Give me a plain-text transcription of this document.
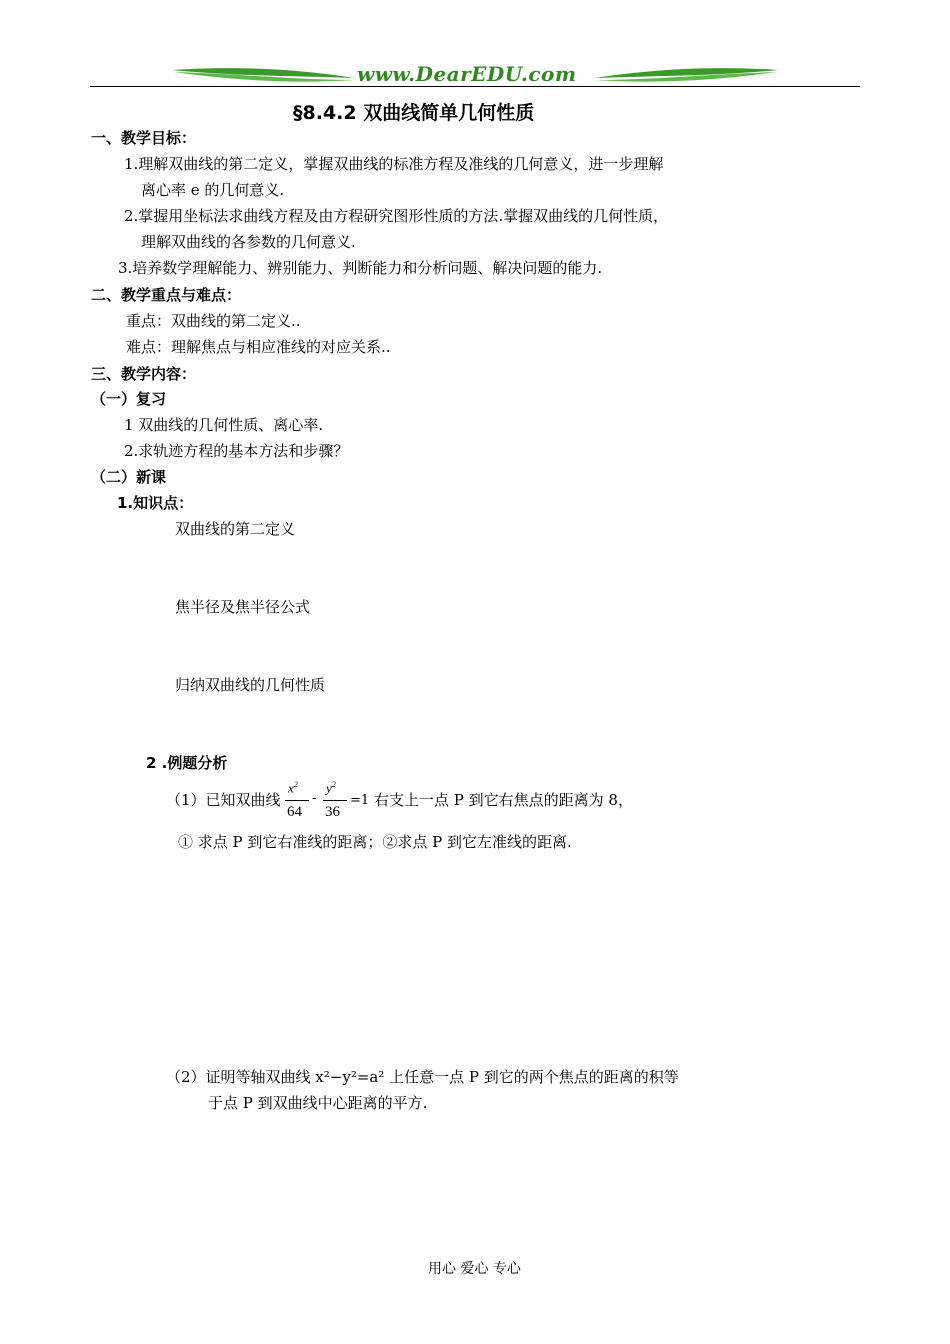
www.DearEDU.com
§8.4.2 双曲线简单几何性质
一、教学目标：
1.理解双曲线的第二定义，掌握双曲线的标准方程及准线的几何意义，进一步理解
离心率 e 的几何意义.
2.掌握用坐标法求曲线方程及由方程研究图形性质的方法.掌握双曲线的几何性质，
理解双曲线的各参数的几何意义.
3.培养数学理解能力、辨别能力、判断能力和分析问题、解决问题的能力.
二、教学重点与难点：
重点：双曲线的第二定义..
难点：理解焦点与相应准线的对应关系..
三、教学内容：
（一）复习
1 双曲线的几何性质、离心率.
2.求轨迹方程的基本方法和步骤？
（二）新课
1.知识点：
双曲线的第二定义
焦半径及焦半径公式
归纳双曲线的几何性质
2 .例题分析
（1）已知双曲线
$x^2$
64
-
$y^2$
36
=1 右支上一点 P 到它右焦点的距离为 8，
① 求点 P 到它右准线的距离；②求点 P 到它左准线的距离.
（2）证明等轴双曲线 x²−y²=a² 上任意一点 P 到它的两个焦点的距离的积等
于点 P 到双曲线中心距离的平方.
用心 爱心 专心
